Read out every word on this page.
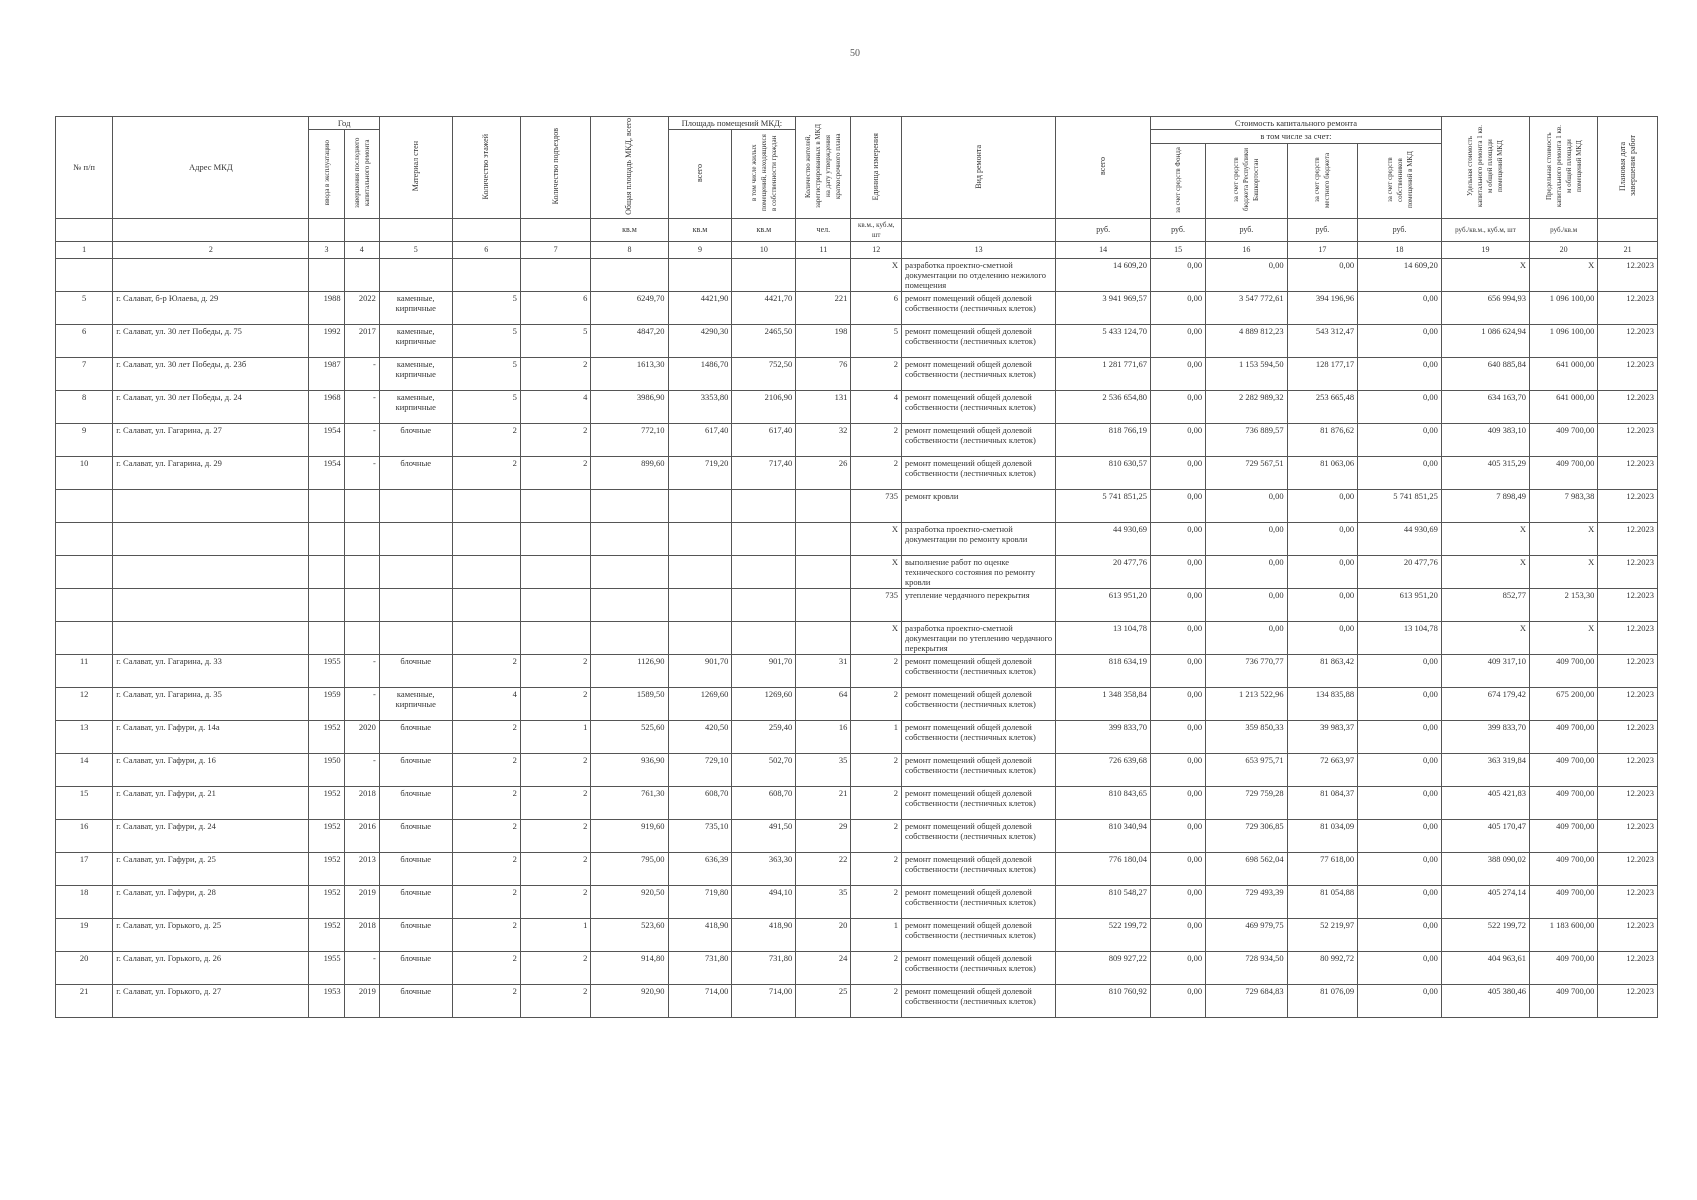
50
№ п/п	Адрес МКД	Год		Материал стен	Количество этажей	Количество подъездов	Общая площадь МКД, всего	Площадь помещений МКД:		Количество жителей, зарегистрированных в МКД на дату утверждения краткосрочного плана	Единица измерения	Вид ремонта	всего	Стоимость капитального ремонта				Удельная стоимость капитального ремонта 1 кв. м общей площади помещений МКД	Предельная стоимость капитального ремонта 1 кв. м общей площади помещений МКД	Плановая дата завершения работ
		ввода в эксплуатацию	завершения последнего капитального ремонта					всего	в том числе жилых помещений, находящихся в собственности граждан					в том числе за счет:						
														за счет средств Фонда	за счет средств бюджета Республики Башкортостан	за счет средств местного бюджета	за счет средств собственников помещений в МКД			
							кв.м	кв.м	кв.м	чел.	кв.м., куб.м, шт		руб.	руб.	руб.	руб.	руб.	руб./кв.м., куб.м, шт	руб./кв.м	
1	2	3	4	5	6	7	8	9	10	11	12	13	14	15	16	17	18	19	20	21
											X	разработка проектно-сметной документации по отделению нежилого помещения	14 609,20	0,00	0,00	0,00	14 609,20	X	X	12.2023
5	г. Салават, б-р Юлаева, д. 29	1988	2022	каменные, кирпичные	5	6	6249,70	4421,90	4421,70	221	6	ремонт помещений общей долевой собственности (лестничных клеток)	3 941 969,57	0,00	3 547 772,61	394 196,96	0,00	656 994,93	1 096 100,00	12.2023
6	г. Салават, ул. 30 лет Победы, д. 75	1992	2017	каменные, кирпичные	5	5	4847,20	4290,30	2465,50	198	5	ремонт помещений общей долевой собственности (лестничных клеток)	5 433 124,70	0,00	4 889 812,23	543 312,47	0,00	1 086 624,94	1 096 100,00	12.2023
7	г. Салават, ул. 30 лет Победы, д. 23б	1987	-	каменные, кирпичные	5	2	1613,30	1486,70	752,50	76	2	ремонт помещений общей долевой собственности (лестничных клеток)	1 281 771,67	0,00	1 153 594,50	128 177,17	0,00	640 885,84	641 000,00	12.2023
8	г. Салават, ул. 30 лет Победы, д. 24	1968	-	каменные, кирпичные	5	4	3986,90	3353,80	2106,90	131	4	ремонт помещений общей долевой собственности (лестничных клеток)	2 536 654,80	0,00	2 282 989,32	253 665,48	0,00	634 163,70	641 000,00	12.2023
9	г. Салават, ул. Гагарина, д. 27	1954	-	блочные	2	2	772,10	617,40	617,40	32	2	ремонт помещений общей долевой собственности (лестничных клеток)	818 766,19	0,00	736 889,57	81 876,62	0,00	409 383,10	409 700,00	12.2023
10	г. Салават, ул. Гагарина, д. 29	1954	-	блочные	2	2	899,60	719,20	717,40	26	2	ремонт помещений общей долевой собственности (лестничных клеток)	810 630,57	0,00	729 567,51	81 063,06	0,00	405 315,29	409 700,00	12.2023
											735	ремонт кровли	5 741 851,25	0,00	0,00	0,00	5 741 851,25	7 898,49	7 983,38	12.2023
											X	разработка проектно-сметной документации по ремонту кровли	44 930,69	0,00	0,00	0,00	44 930,69	X	X	12.2023
											X	выполнение работ по оценке технического состояния по ремонту кровли	20 477,76	0,00	0,00	0,00	20 477,76	X	X	12.2023
											735	утепление чердачного перекрытия	613 951,20	0,00	0,00	0,00	613 951,20	852,77	2 153,30	12.2023
											X	разработка проектно-сметной документации по утеплению чердачного перекрытия	13 104,78	0,00	0,00	0,00	13 104,78	X	X	12.2023
11	г. Салават, ул. Гагарина, д. 33	1955	-	блочные	2	2	1126,90	901,70	901,70	31	2	ремонт помещений общей долевой собственности (лестничных клеток)	818 634,19	0,00	736 770,77	81 863,42	0,00	409 317,10	409 700,00	12.2023
12	г. Салават, ул. Гагарина, д. 35	1959	-	каменные, кирпичные	4	2	1589,50	1269,60	1269,60	64	2	ремонт помещений общей долевой собственности (лестничных клеток)	1 348 358,84	0,00	1 213 522,96	134 835,88	0,00	674 179,42	675 200,00	12.2023
13	г. Салават, ул. Гафури, д. 14а	1952	2020	блочные	2	1	525,60	420,50	259,40	16	1	ремонт помещений общей долевой собственности (лестничных клеток)	399 833,70	0,00	359 850,33	39 983,37	0,00	399 833,70	409 700,00	12.2023
14	г. Салават, ул. Гафури, д. 16	1950	-	блочные	2	2	936,90	729,10	502,70	35	2	ремонт помещений общей долевой собственности (лестничных клеток)	726 639,68	0,00	653 975,71	72 663,97	0,00	363 319,84	409 700,00	12.2023
15	г. Салават, ул. Гафури, д. 21	1952	2018	блочные	2	2	761,30	608,70	608,70	21	2	ремонт помещений общей долевой собственности (лестничных клеток)	810 843,65	0,00	729 759,28	81 084,37	0,00	405 421,83	409 700,00	12.2023
16	г. Салават, ул. Гафури, д. 24	1952	2016	блочные	2	2	919,60	735,10	491,50	29	2	ремонт помещений общей долевой собственности (лестничных клеток)	810 340,94	0,00	729 306,85	81 034,09	0,00	405 170,47	409 700,00	12.2023
17	г. Салават, ул. Гафури, д. 25	1952	2013	блочные	2	2	795,00	636,39	363,30	22	2	ремонт помещений общей долевой собственности (лестничных клеток)	776 180,04	0,00	698 562,04	77 618,00	0,00	388 090,02	409 700,00	12.2023
18	г. Салават, ул. Гафури, д. 28	1952	2019	блочные	2	2	920,50	719,80	494,10	35	2	ремонт помещений общей долевой собственности (лестничных клеток)	810 548,27	0,00	729 493,39	81 054,88	0,00	405 274,14	409 700,00	12.2023
19	г. Салават, ул. Горького, д. 25	1952	2018	блочные	2	1	523,60	418,90	418,90	20	1	ремонт помещений общей долевой собственности (лестничных клеток)	522 199,72	0,00	469 979,75	52 219,97	0,00	522 199,72	1 183 600,00	12.2023
20	г. Салават, ул. Горького, д. 26	1955	-	блочные	2	2	914,80	731,80	731,80	24	2	ремонт помещений общей долевой собственности (лестничных клеток)	809 927,22	0,00	728 934,50	80 992,72	0,00	404 963,61	409 700,00	12.2023
21	г. Салават, ул. Горького, д. 27	1953	2019	блочные	2	2	920,90	714,00	714,00	25	2	ремонт помещений общей долевой собственности (лестничных клеток)	810 760,92	0,00	729 684,83	81 076,09	0,00	405 380,46	409 700,00	12.2023
